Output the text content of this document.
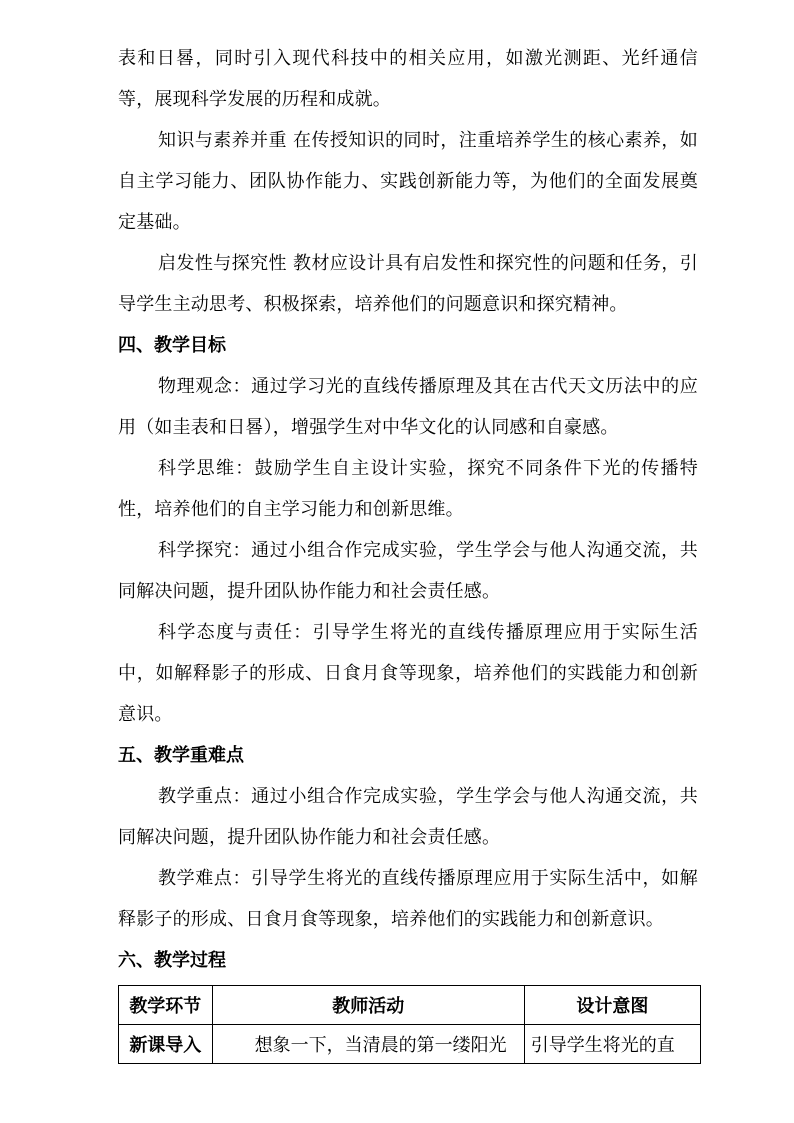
表和日晷，同时引入现代科技中的相关应用，如激光测距、光纤通信等，展现科学发展的历程和成就。

知识与素养并重 在传授知识的同时，注重培养学生的核心素养，如自主学习能力、团队协作能力、实践创新能力等，为他们的全面发展奠定基础。

启发性与探究性 教材应设计具有启发性和探究性的问题和任务，引导学生主动思考、积极探索，培养他们的问题意识和探究精神。

四、教学目标

物理观念：通过学习光的直线传播原理及其在古代天文历法中的应用（如圭表和日晷），增强学生对中华文化的认同感和自豪感。

科学思维：鼓励学生自主设计实验，探究不同条件下光的传播特性，培养他们的自主学习能力和创新思维。

科学探究：通过小组合作完成实验，学生学会与他人沟通交流，共同解决问题，提升团队协作能力和社会责任感。

科学态度与责任：引导学生将光的直线传播原理应用于实际生活中，如解释影子的形成、日食月食等现象，培养他们的实践能力和创新意识。

五、教学重难点

教学重点：通过小组合作完成实验，学生学会与他人沟通交流，共同解决问题，提升团队协作能力和社会责任感。

教学难点：引导学生将光的直线传播原理应用于实际生活中，如解释影子的形成、日食月食等现象，培养他们的实践能力和创新意识。

六、教学过程
教学环节	教师活动	设计意图
新课导入	想象一下，当清晨的第一缕阳光	引导学生将光的直
